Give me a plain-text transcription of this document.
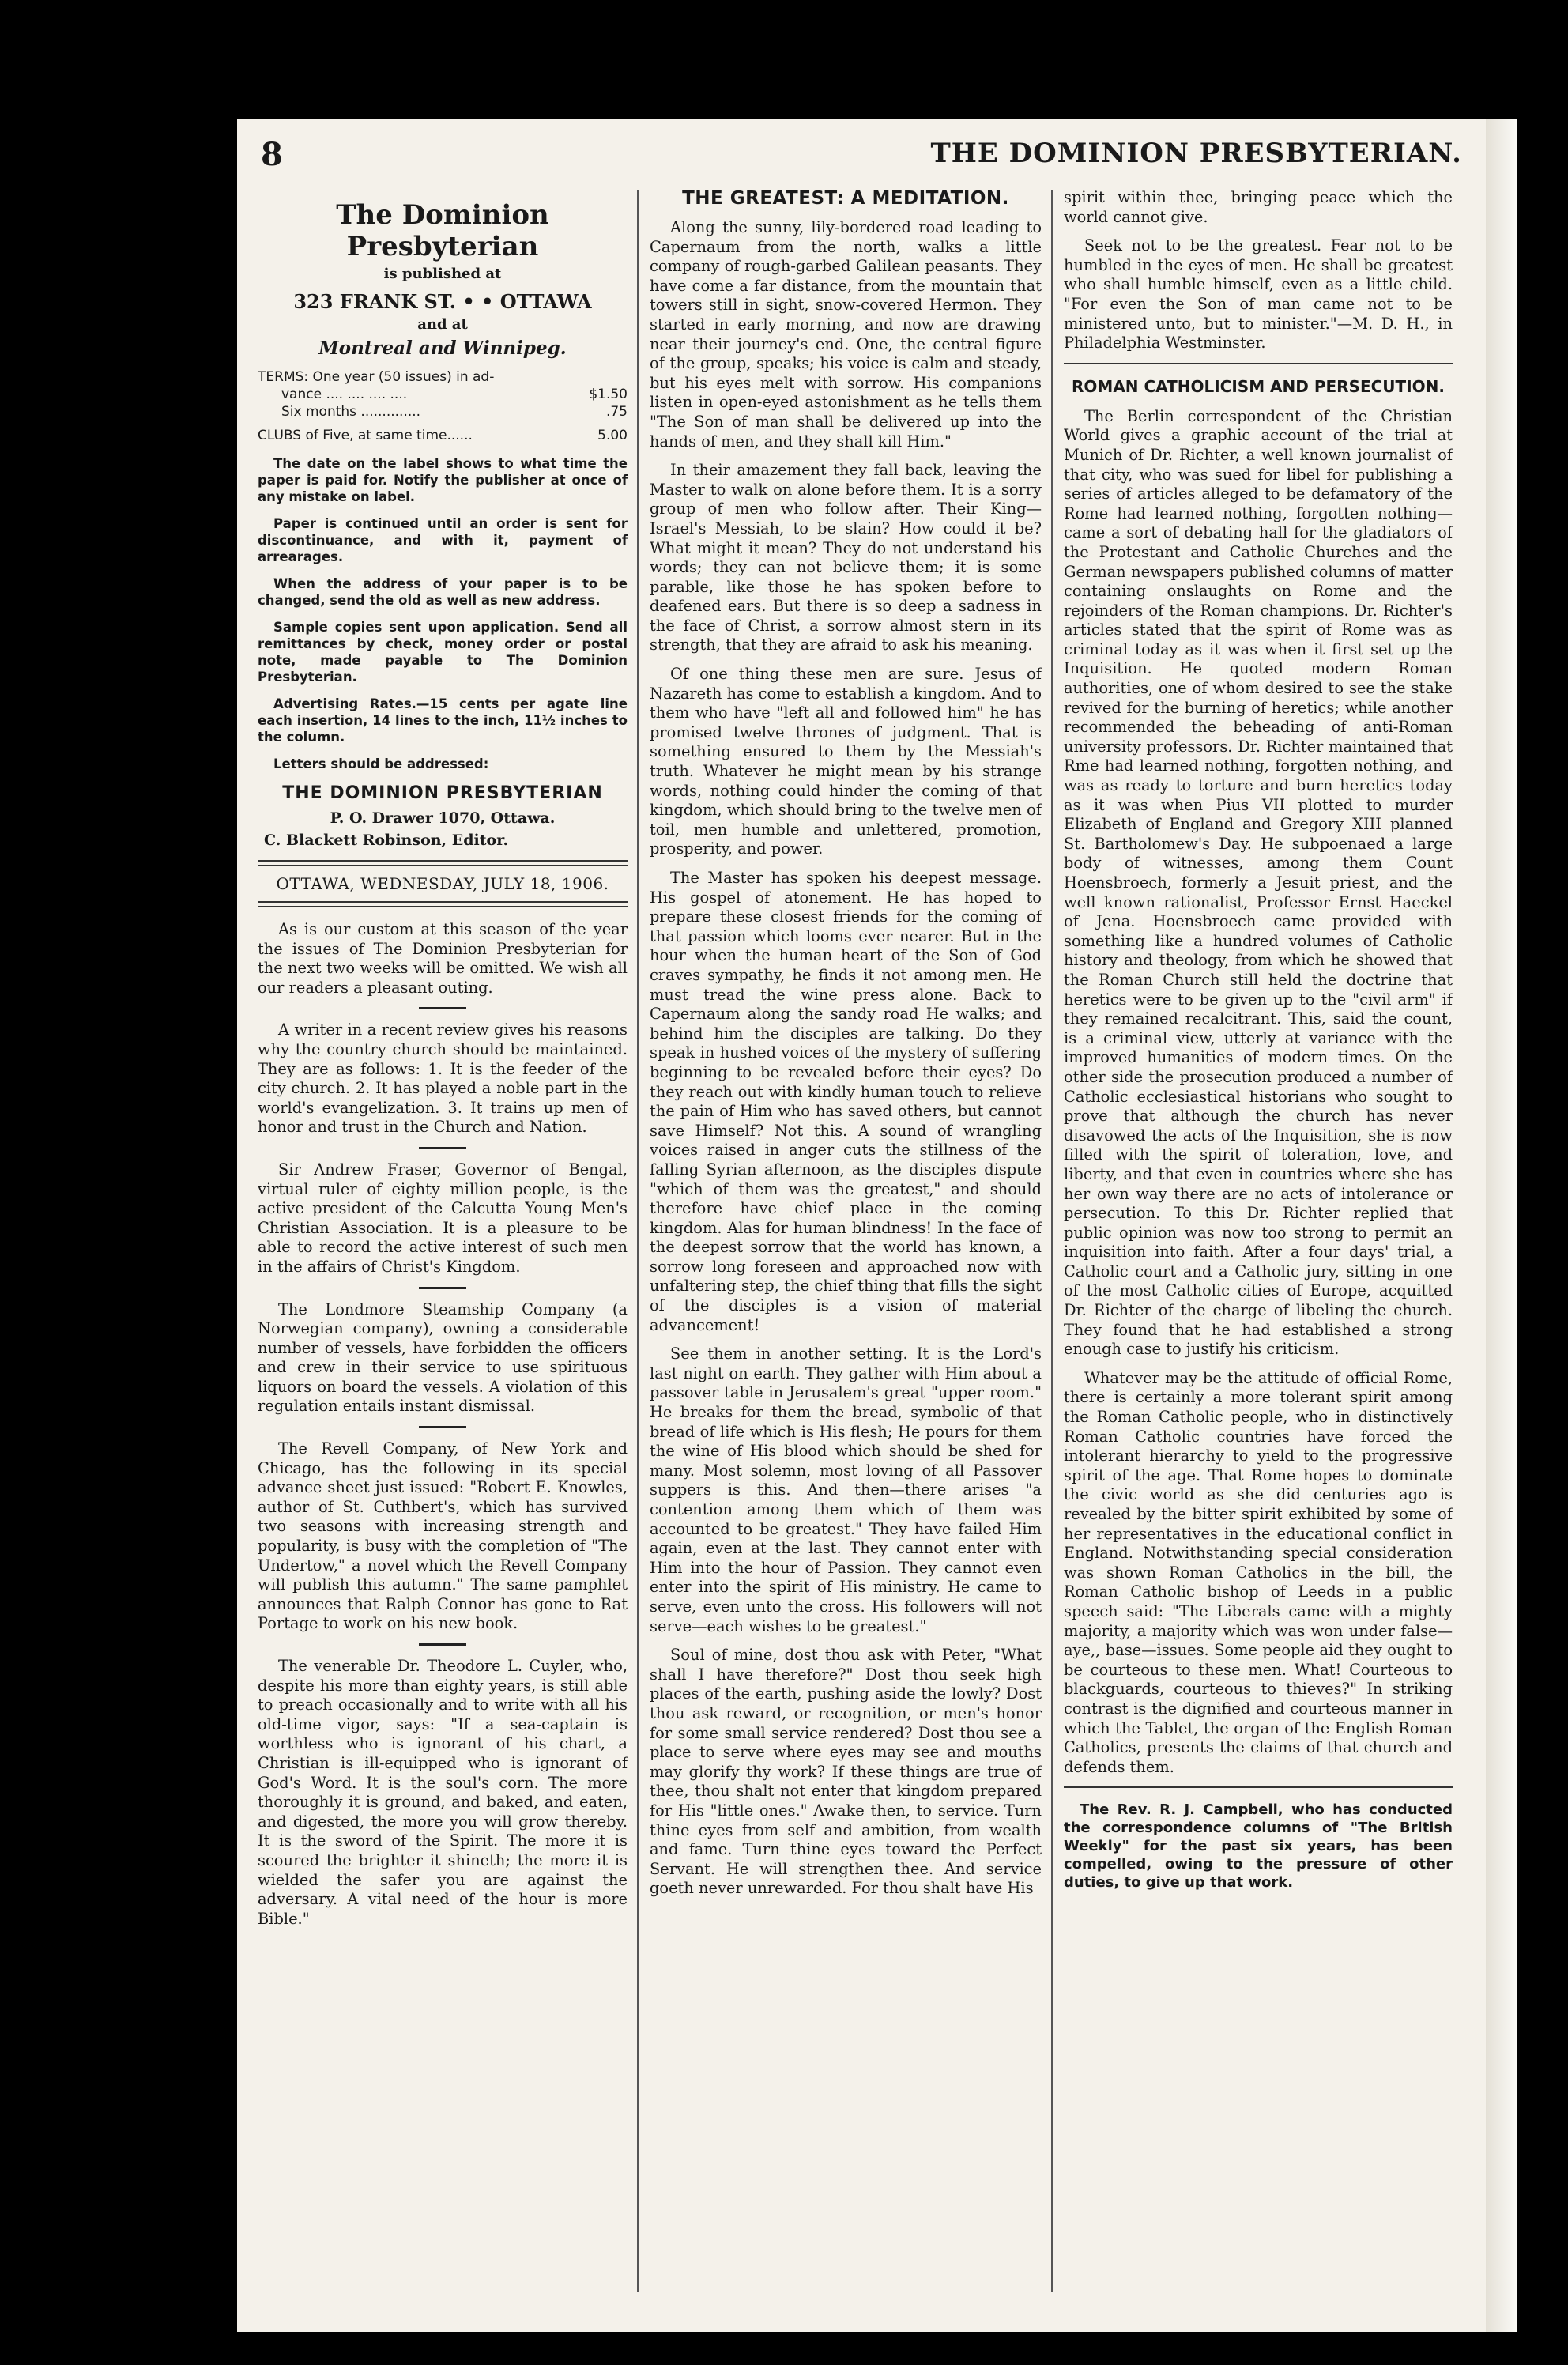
8	THE DOMINION PRESBYTERIAN.
The Dominion Presbyterian
is published at
323 FRANK ST. • • OTTAWA
and at
Montreal and Winnipeg.
TERMS: One year (50 issues) in ad-
vance .... .... .... ....	$1.50
Six months ..............	.75
CLUBS of Five, at same time......	5.00
The date on the label shows to what time the paper is paid for. Notify the publisher at once of any mistake on label.
Paper is continued until an order is sent for discontinuance, and with it, payment of arrearages.
When the address of your paper is to be changed, send the old as well as new address.
Sample copies sent upon application. Send all remittances by check, money order or postal note, made payable to The Dominion Presbyterian.
Advertising Rates.—15 cents per agate line each insertion, 14 lines to the inch, 11½ inches to the column.
Letters should be addressed:
THE DOMINION PRESBYTERIAN
P. O. Drawer 1070, Ottawa.
C. Blackett Robinson, Editor.
OTTAWA, WEDNESDAY, JULY 18, 1906.

As is our custom at this season of the year the issues of The Dominion Presbyterian for the next two weeks will be omitted. We wish all our readers a pleasant outing.

A writer in a recent review gives his reasons why the country church should be maintained. They are as follows: 1. It is the feeder of the city church. 2. It has played a noble part in the world's evangelization. 3. It trains up men of honor and trust in the Church and Nation.

Sir Andrew Fraser, Governor of Bengal, virtual ruler of eighty million people, is the active president of the Calcutta Young Men's Christian Association. It is a pleasure to be able to record the active interest of such men in the affairs of Christ's Kingdom.

The Londmore Steamship Company (a Norwegian company), owning a considerable number of vessels, have forbidden the officers and crew in their service to use spirituous liquors on board the vessels. A violation of this regulation entails instant dismissal.

The Revell Company, of New York and Chicago, has the following in its special advance sheet just issued: "Robert E. Knowles, author of St. Cuthbert's, which has survived two seasons with increasing strength and popularity, is busy with the completion of "The Undertow," a novel which the Revell Company will publish this autumn." The same pamphlet announces that Ralph Connor has gone to Rat Portage to work on his new book.

The venerable Dr. Theodore L. Cuyler, who, despite his more than eighty years, is still able to preach occasionally and to write with all his old-time vigor, says: "If a sea-captain is worthless who is ignorant of his chart, a Christian is ill-equipped who is ignorant of God's Word. It is the soul's corn. The more thoroughly it is ground, and baked, and eaten, and digested, the more you will grow thereby. It is the sword of the Spirit. The more it is scoured the brighter it shineth; the more it is wielded the safer you are against the adversary. A vital need of the hour is more Bible."

THE GREATEST: A MEDITATION.

Along the sunny, lily-bordered road leading to Capernaum from the north, walks a little company of rough-garbed Galilean peasants. They have come a far distance, from the mountain that towers still in sight, snow-covered Hermon. They started in early morning, and now are drawing near their journey's end. One, the central figure of the group, speaks; his voice is calm and steady, but his eyes melt with sorrow. His companions listen in open-eyed astonishment as he tells them "The Son of man shall be delivered up into the hands of men, and they shall kill Him."

In their amazement they fall back, leaving the Master to walk on alone before them. It is a sorry group of men who follow after. Their King—Israel's Messiah, to be slain? How could it be? What might it mean? They do not understand his words; they can not believe them; it is some parable, like those he has spoken before to deafened ears. But there is so deep a sadness in the face of Christ, a sorrow almost stern in its strength, that they are afraid to ask his meaning.

Of one thing these men are sure. Jesus of Nazareth has come to establish a kingdom. And to them who have "left all and followed him" he has promised twelve thrones of judgment. That is something ensured to them by the Messiah's truth. Whatever he might mean by his strange words, nothing could hinder the coming of that kingdom, which should bring to the twelve men of toil, men humble and unlettered, promotion, prosperity, and power.

The Master has spoken his deepest message. His gospel of atonement. He has hoped to prepare these closest friends for the coming of that passion which looms ever nearer. But in the hour when the human heart of the Son of God craves sympathy, he finds it not among men. He must tread the wine press alone. Back to Capernaum along the sandy road He walks; and behind him the disciples are talking. Do they speak in hushed voices of the mystery of suffering beginning to be revealed before their eyes? Do they reach out with kindly human touch to relieve the pain of Him who has saved others, but cannot save Himself? Not this. A sound of wrangling voices raised in anger cuts the stillness of the falling Syrian afternoon, as the disciples dispute "which of them was the greatest," and should therefore have chief place in the coming kingdom. Alas for human blindness! In the face of the deepest sorrow that the world has known, a sorrow long foreseen and approached now with unfaltering step, the chief thing that fills the sight of the disciples is a vision of material advancement!

See them in another setting. It is the Lord's last night on earth. They gather with Him about a passover table in Jerusalem's great "upper room." He breaks for them the bread, symbolic of that bread of life which is His flesh; He pours for them the wine of His blood which should be shed for many. Most solemn, most loving of all Passover suppers is this. And then—there arises "a contention among them which of them was accounted to be greatest." They have failed Him again, even at the last. They cannot enter with Him into the hour of Passion. They cannot even enter into the spirit of His ministry. He came to serve, even unto the cross. His followers will not serve—each wishes to be greatest."

Soul of mine, dost thou ask with Peter, "What shall I have therefore?" Dost thou seek high places of the earth, pushing aside the lowly? Dost thou ask reward, or recognition, or men's honor for some small service rendered? Dost thou see a place to serve where eyes may see and mouths may glorify thy work? If these things are true of thee, thou shalt not enter that kingdom prepared for His "little ones." Awake then, to service. Turn thine eyes from self and ambition, from wealth and fame. Turn thine eyes toward the Perfect Servant. He will strengthen thee. And service goeth never unrewarded. For thou shalt have His

spirit within thee, bringing peace which the world cannot give.

Seek not to be the greatest. Fear not to be humbled in the eyes of men. He shall be greatest who shall humble himself, even as a little child. "For even the Son of man came not to be ministered unto, but to minister."—M. D. H., in Philadelphia Westminster.

ROMAN CATHOLICISM AND PERSECUTION.

The Berlin correspondent of the Christian World gives a graphic account of the trial at Munich of Dr. Richter, a well known journalist of that city, who was sued for libel for publishing a series of articles alleged to be defamatory of the Rome had learned nothing, forgotten nothing—came a sort of debating hall for the gladiators of the Protestant and Catholic Churches and the German newspapers published columns of matter containing onslaughts on Rome and the rejoinders of the Roman champions. Dr. Richter's articles stated that the spirit of Rome was as criminal today as it was when it first set up the Inquisition. He quoted modern Roman authorities, one of whom desired to see the stake revived for the burning of heretics; while another recommended the beheading of anti-Roman university professors. Dr. Richter maintained that Rme had learned nothing, forgotten nothing, and was as ready to torture and burn heretics today as it was when Pius VII plotted to murder Elizabeth of England and Gregory XIII planned St. Bartholomew's Day. He subpoenaed a large body of witnesses, among them Count Hoensbroech, formerly a Jesuit priest, and the well known rationalist, Professor Ernst Haeckel of Jena. Hoensbroech came provided with something like a hundred volumes of Catholic history and theology, from which he showed that the Roman Church still held the doctrine that heretics were to be given up to the "civil arm" if they remained recalcitrant. This, said the count, is a criminal view, utterly at variance with the improved humanities of modern times. On the other side the prosecution produced a number of Catholic ecclesiastical historians who sought to prove that although the church has never disavowed the acts of the Inquisition, she is now filled with the spirit of toleration, love, and liberty, and that even in countries where she has her own way there are no acts of intolerance or persecution. To this Dr. Richter replied that public opinion was now too strong to permit an inquisition into faith. After a four days' trial, a Catholic court and a Catholic jury, sitting in one of the most Catholic cities of Europe, acquitted Dr. Richter of the charge of libeling the church. They found that he had established a strong enough case to justify his criticism.

Whatever may be the attitude of official Rome, there is certainly a more tolerant spirit among the Roman Catholic people, who in distinctively Roman Catholic countries have forced the intolerant hierarchy to yield to the progressive spirit of the age. That Rome hopes to dominate the civic world as she did centuries ago is revealed by the bitter spirit exhibited by some of her representatives in the educational conflict in England. Notwithstanding special consideration was shown Roman Catholics in the bill, the Roman Catholic bishop of Leeds in a public speech said: "The Liberals came with a mighty majority, a majority which was won under false—aye,, base—issues. Some people aid they ought to be courteous to these men. What! Courteous to blackguards, courteous to thieves?" In striking contrast is the dignified and courteous manner in which the Tablet, the organ of the English Roman Catholics, presents the claims of that church and defends them.

The Rev. R. J. Campbell, who has conducted the correspondence columns of "The British Weekly" for the past six years, has been compelled, owing to the pressure of other duties, to give up that work.
